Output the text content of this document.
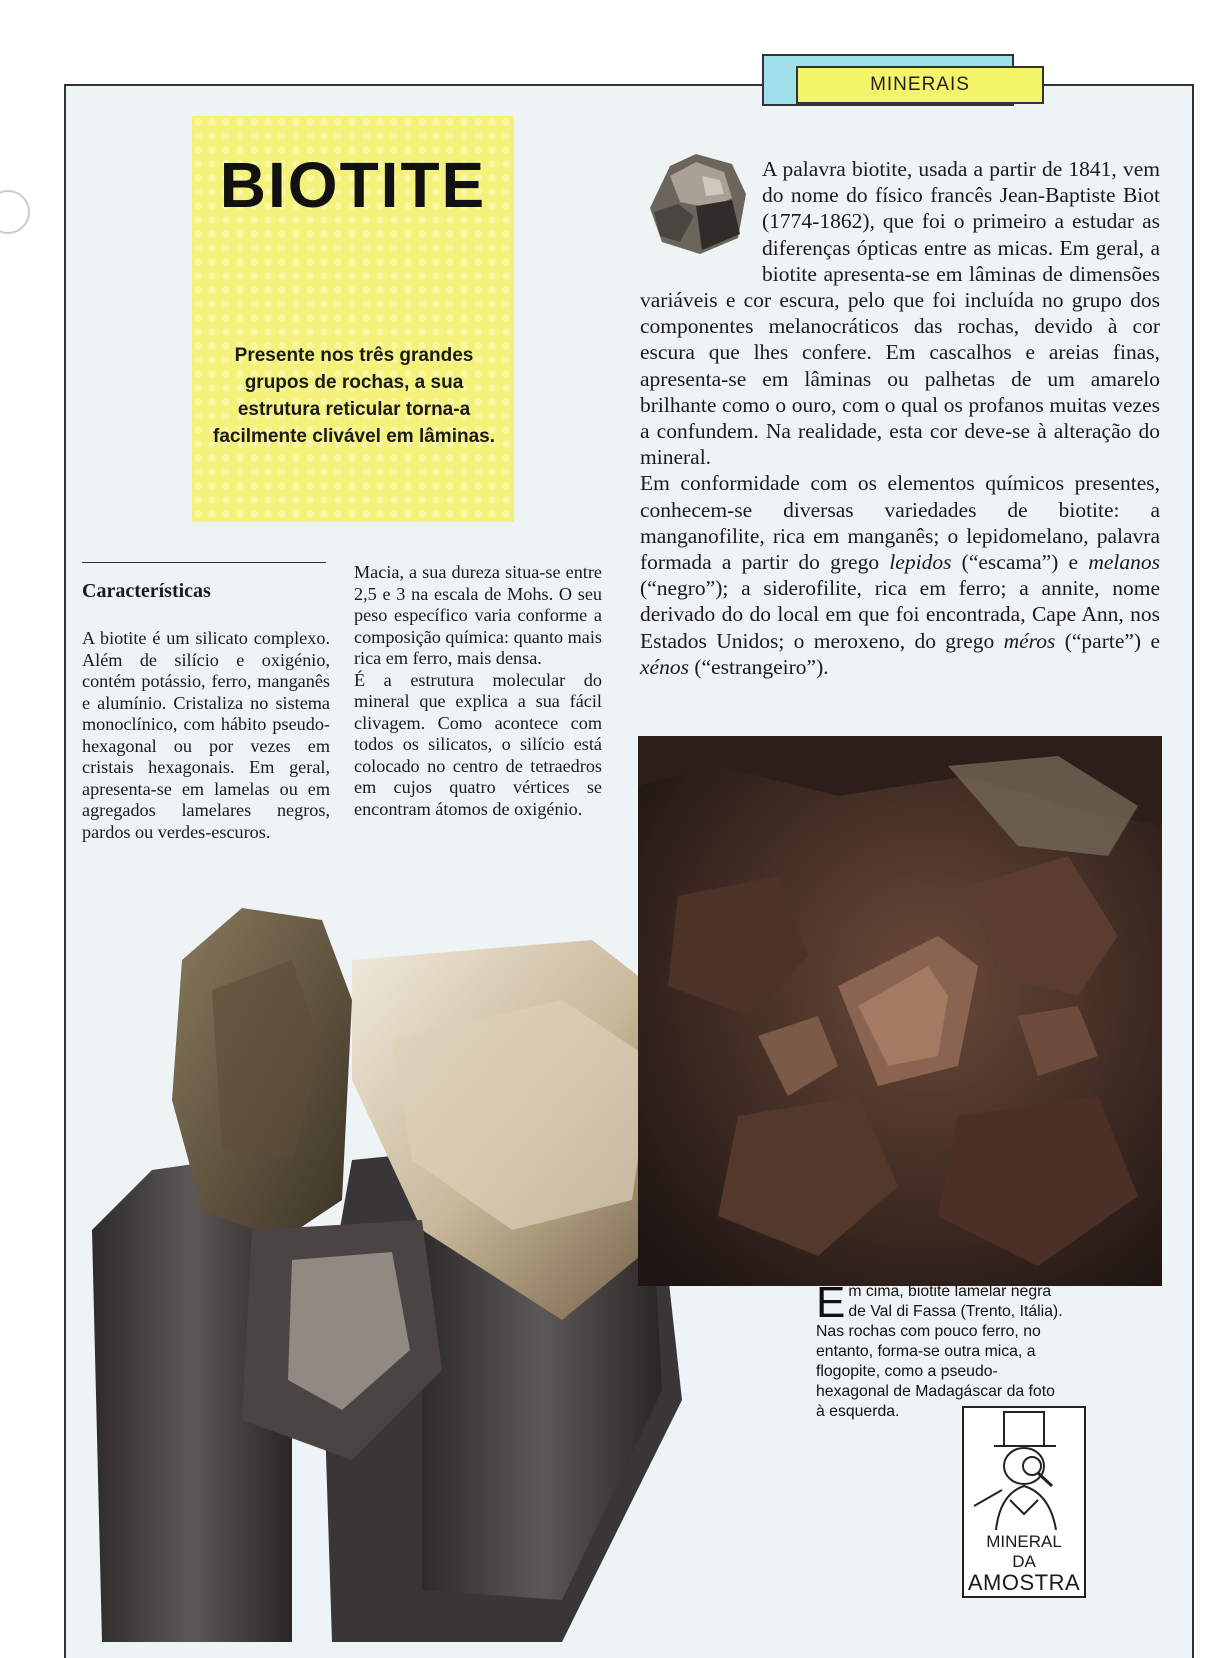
MINERAIS
BIOTITE
Presente nos três grandes grupos de rochas, a sua estrutura reticular torna-a facilmente clivável em lâminas.

A palavra biotite, usada a partir de 1841, vem do nome do físico francês Jean-Baptiste Biot (1774-1862), que foi o primeiro a estudar as diferenças ópticas entre as micas. Em geral, a biotite apresenta-se em lâminas de dimensões variáveis e cor escura, pelo que foi incluída no grupo dos componentes melanocráticos das rochas, devido à cor escura que lhes confere. Em cascalhos e areias finas, apresenta-se em lâminas ou palhetas de um amarelo brilhante como o ouro, com o qual os profanos muitas vezes a confundem. Na realidade, esta cor deve-se à alteração do mineral.

Em conformidade com os elementos químicos presentes, conhecem-se diversas variedades de biotite: a manganofilite, rica em manganês; o lepidomelano, palavra formada a partir do grego lepidos (“escama”) e melanos (“negro”); a siderofilite, rica em ferro; a annite, nome derivado do do local em que foi encontrada, Cape Ann, nos Estados Unidos; o meroxeno, do grego méros (“parte”) e xénos (“estrangeiro”).

Características

A biotite é um silicato complexo. Além de silício e oxigénio, contém potássio, ferro, manganês e alumínio. Cristaliza no sistema monoclínico, com hábito pseudo-hexagonal ou por vezes em cristais hexagonais. Em geral, apresenta-se em lamelas ou em agregados lamelares negros, pardos ou verdes-escuros.

Macia, a sua dureza situa-se entre 2,5 e 3 na escala de Mohs. O seu peso específico varia conforme a composição química: quanto mais rica em ferro, mais densa.

É a estrutura molecular do mineral que explica a sua fácil clivagem. Como acontece com todos os silicatos, o silício está colocado no centro de tetraedros em cujos quatro vértices se encontram átomos de oxigénio.

E m cima, biotite lamelar negra de Val di Fassa (Trento, Itália). Nas rochas com pouco ferro, no entanto, forma-se outra mica, a flogopite, como a pseudo-hexagonal de Madagáscar da foto à esquerda.
MINERAL
DA
AMOSTRA
